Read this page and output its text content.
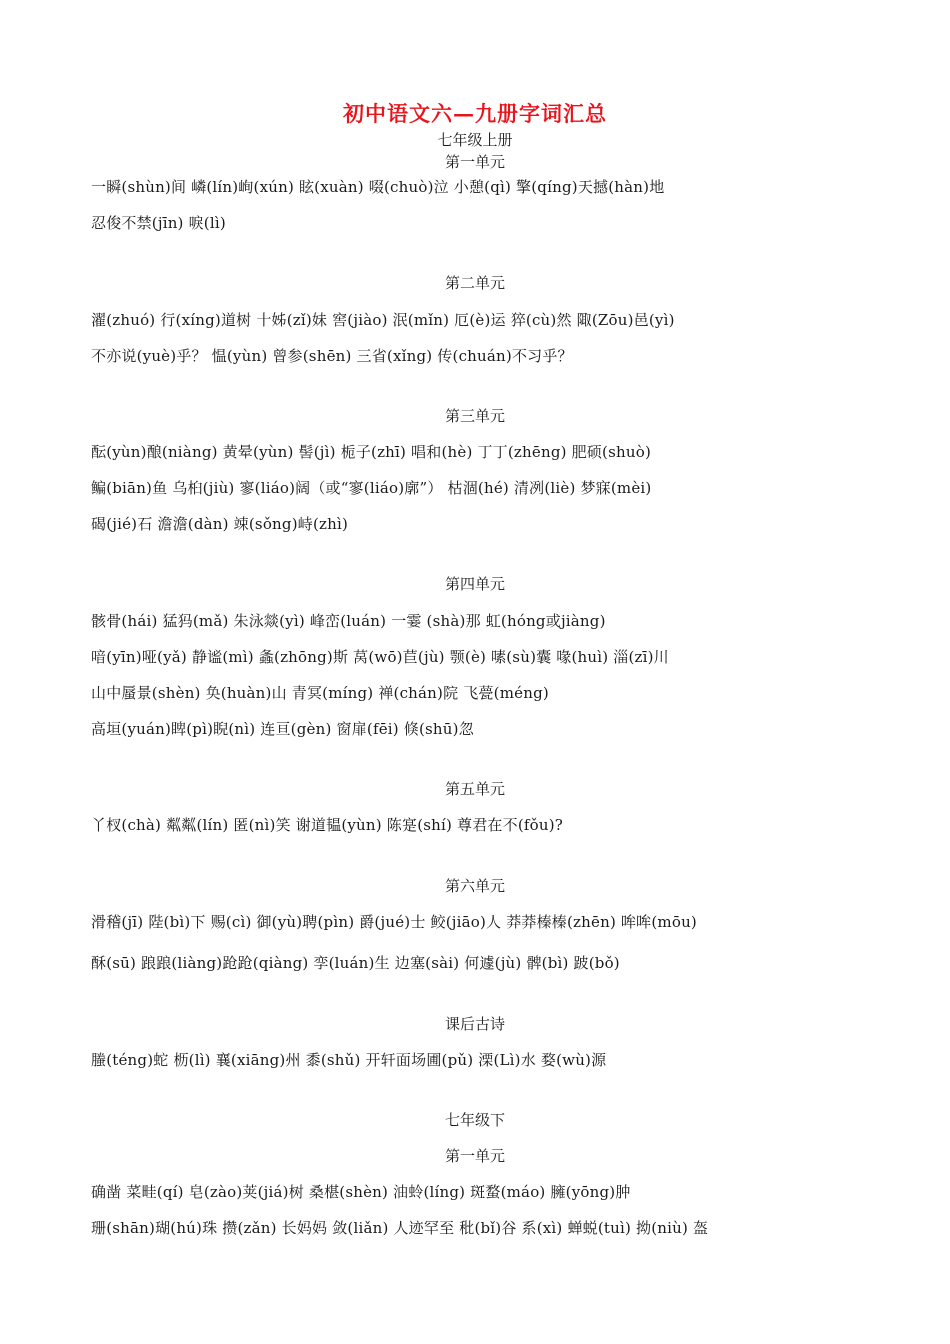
初中语文六—九册字词汇总
七年级上册
第一单元
一瞬(shùn)间 嶙(lín)峋(xún) 眩(xuàn) 啜(chuò)泣 小憩(qì) 擎(qíng)天撼(hàn)地
忍俊不禁(jīn) 唳(lì)
第二单元
濯(zhuó) 行(xíng)道树 十姊(zǐ)妹 窖(jiào) 泯(mǐn) 厄(è)运 猝(cù)然 陬(Zōu)邑(yì)
不亦说(yuè)乎？ 愠(yùn) 曾参(shēn) 三省(xǐng) 传(chuán)不习乎？
第三单元
酝(yùn)酿(niàng) 黄晕(yùn) 髻(jì) 栀子(zhī) 唱和(hè) 丁丁(zhēng) 肥硕(shuò)
鳊(biān)鱼 乌桕(jiù) 寥(liáo)阔（或“寥(liáo)廓”） 枯涸(hé) 清冽(liè) 梦寐(mèi)
碣(jié)石 澹澹(dàn) 竦(sǒng)峙(zhì)
第四单元
骸骨(hái) 猛犸(mǎ) 朱泳燚(yì) 峰峦(luán) 一霎 (shà)那 虹(hóng或jiàng)
喑(yīn)哑(yǎ) 静谧(mì) 螽(zhōng)斯 莴(wō)苣(jù) 颚(è) 嗉(sù)囊 喙(huì) 淄(zī)川
山中蜃景(shèn) 奂(huàn)山 青冥(míng) 禅(chán)院 飞甍(méng)
高垣(yuán)睥(pì)睨(nì) 连亘(gèn) 窗扉(fēi) 倏(shū)忽
第五单元
丫杈(chà) 粼粼(lín) 匿(nì)笑 谢道韫(yùn) 陈寔(shí) 尊君在不(fǒu)?
第六单元
滑稽(jī) 陛(bì)下 赐(cì) 御(yù)聘(pìn) 爵(jué)士 鲛(jiāo)人 莽莽榛榛(zhēn) 哞哞(mōu)
酥(sū) 踉踉(liàng)跄跄(qiàng) 孪(luán)生 边塞(sài) 何遽(jù) 髀(bì) 跛(bǒ)
课后古诗
螣(téng)蛇 枥(lì) 襄(xiāng)州 黍(shǔ) 开轩面场圃(pǔ) 溧(Lì)水 婺(wù)源
七年级下
第一单元
确凿 菜畦(qí) 皂(zào)荚(jiá)树 桑椹(shèn) 油蛉(líng) 斑蝥(máo) 臃(yōng)肿
珊(shān)瑚(hú)珠 攒(zǎn) 长妈妈 敛(liǎn) 人迹罕至 秕(bǐ)谷 系(xì) 蝉蜕(tuì) 拗(niù) 盔
